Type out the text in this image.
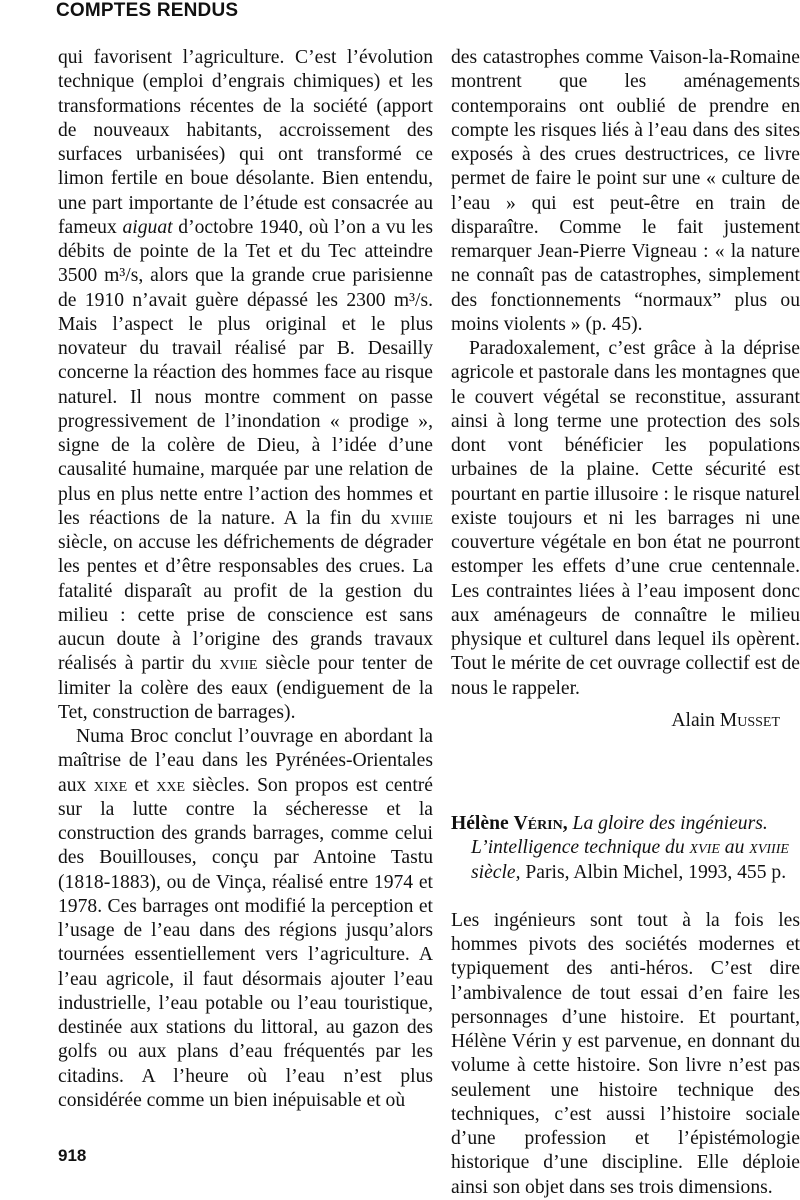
COMPTES RENDUS

qui favorisent l’agriculture. C’est l’évolution technique (emploi d’engrais chimiques) et les transformations récentes de la société (apport de nouveaux habitants, accroissement des surfaces urbanisées) qui ont transformé ce limon fertile en boue désolante. Bien entendu, une part importante de l’étude est consacrée au fameux aiguat d’octobre 1940, où l’on a vu les débits de pointe de la Tet et du Tec atteindre 3500 m³/s, alors que la grande crue parisienne de 1910 n’avait guère dépassé les 2300 m³/s. Mais l’aspect le plus original et le plus novateur du travail réalisé par B. Desailly concerne la réaction des hommes face au risque naturel. Il nous montre comment on passe progressivement de l’inondation « prodige », signe de la colère de Dieu, à l’idée d’une causalité humaine, marquée par une relation de plus en plus nette entre l’action des hommes et les réactions de la nature. A la fin du xviiie siècle, on accuse les défrichements de dégrader les pentes et d’être responsables des crues. La fatalité disparaît au profit de la gestion du milieu : cette prise de conscience est sans aucun doute à l’origine des grands travaux réalisés à partir du xviie siècle pour tenter de limiter la colère des eaux (endiguement de la Tet, construction de barrages).

Numa Broc conclut l’ouvrage en abordant la maîtrise de l’eau dans les Pyrénées-Orientales aux xixe et xxe siècles. Son propos est centré sur la lutte contre la sécheresse et la construction des grands barrages, comme celui des Bouillouses, conçu par Antoine Tastu (1818-1883), ou de Vinça, réalisé entre 1974 et 1978. Ces barrages ont modifié la perception et l’usage de l’eau dans des régions jusqu’alors tournées essentiellement vers l’agriculture. A l’eau agricole, il faut désormais ajouter l’eau industrielle, l’eau potable ou l’eau touristique, destinée aux stations du littoral, au gazon des golfs ou aux plans d’eau fréquentés par les citadins. A l’heure où l’eau n’est plus considérée comme un bien inépuisable et où

des catastrophes comme Vaison-la-Romaine montrent que les aménagements contemporains ont oublié de prendre en compte les risques liés à l’eau dans des sites exposés à des crues destructrices, ce livre permet de faire le point sur une « culture de l’eau » qui est peut-être en train de disparaître. Comme le fait justement remarquer Jean-Pierre Vigneau : « la nature ne connaît pas de catastrophes, simplement des fonctionnements “normaux” plus ou moins violents » (p. 45).

Paradoxalement, c’est grâce à la déprise agricole et pastorale dans les montagnes que le couvert végétal se reconstitue, assurant ainsi à long terme une protection des sols dont vont bénéficier les populations urbaines de la plaine. Cette sécurité est pourtant en partie illusoire : le risque naturel existe toujours et ni les barrages ni une couverture végétale en bon état ne pourront estomper les effets d’une crue centennale. Les contraintes liées à l’eau imposent donc aux aménageurs de connaître le milieu physique et culturel dans lequel ils opèrent. Tout le mérite de cet ouvrage collectif est de nous le rappeler.

Alain Musset

Hélène Vérin, La gloire des ingénieurs. L’intelligence technique du xvie au xviiie siècle, Paris, Albin Michel, 1993, 455 p.

Les ingénieurs sont tout à la fois les hommes pivots des sociétés modernes et typiquement des anti-héros. C’est dire l’ambivalence de tout essai d’en faire les personnages d’une histoire. Et pourtant, Hélène Vérin y est parvenue, en donnant du volume à cette histoire. Son livre n’est pas seulement une histoire technique des techniques, c’est aussi l’histoire sociale d’une profession et l’épistémologie historique d’une discipline. Elle déploie ainsi son objet dans ses trois dimensions.

918
